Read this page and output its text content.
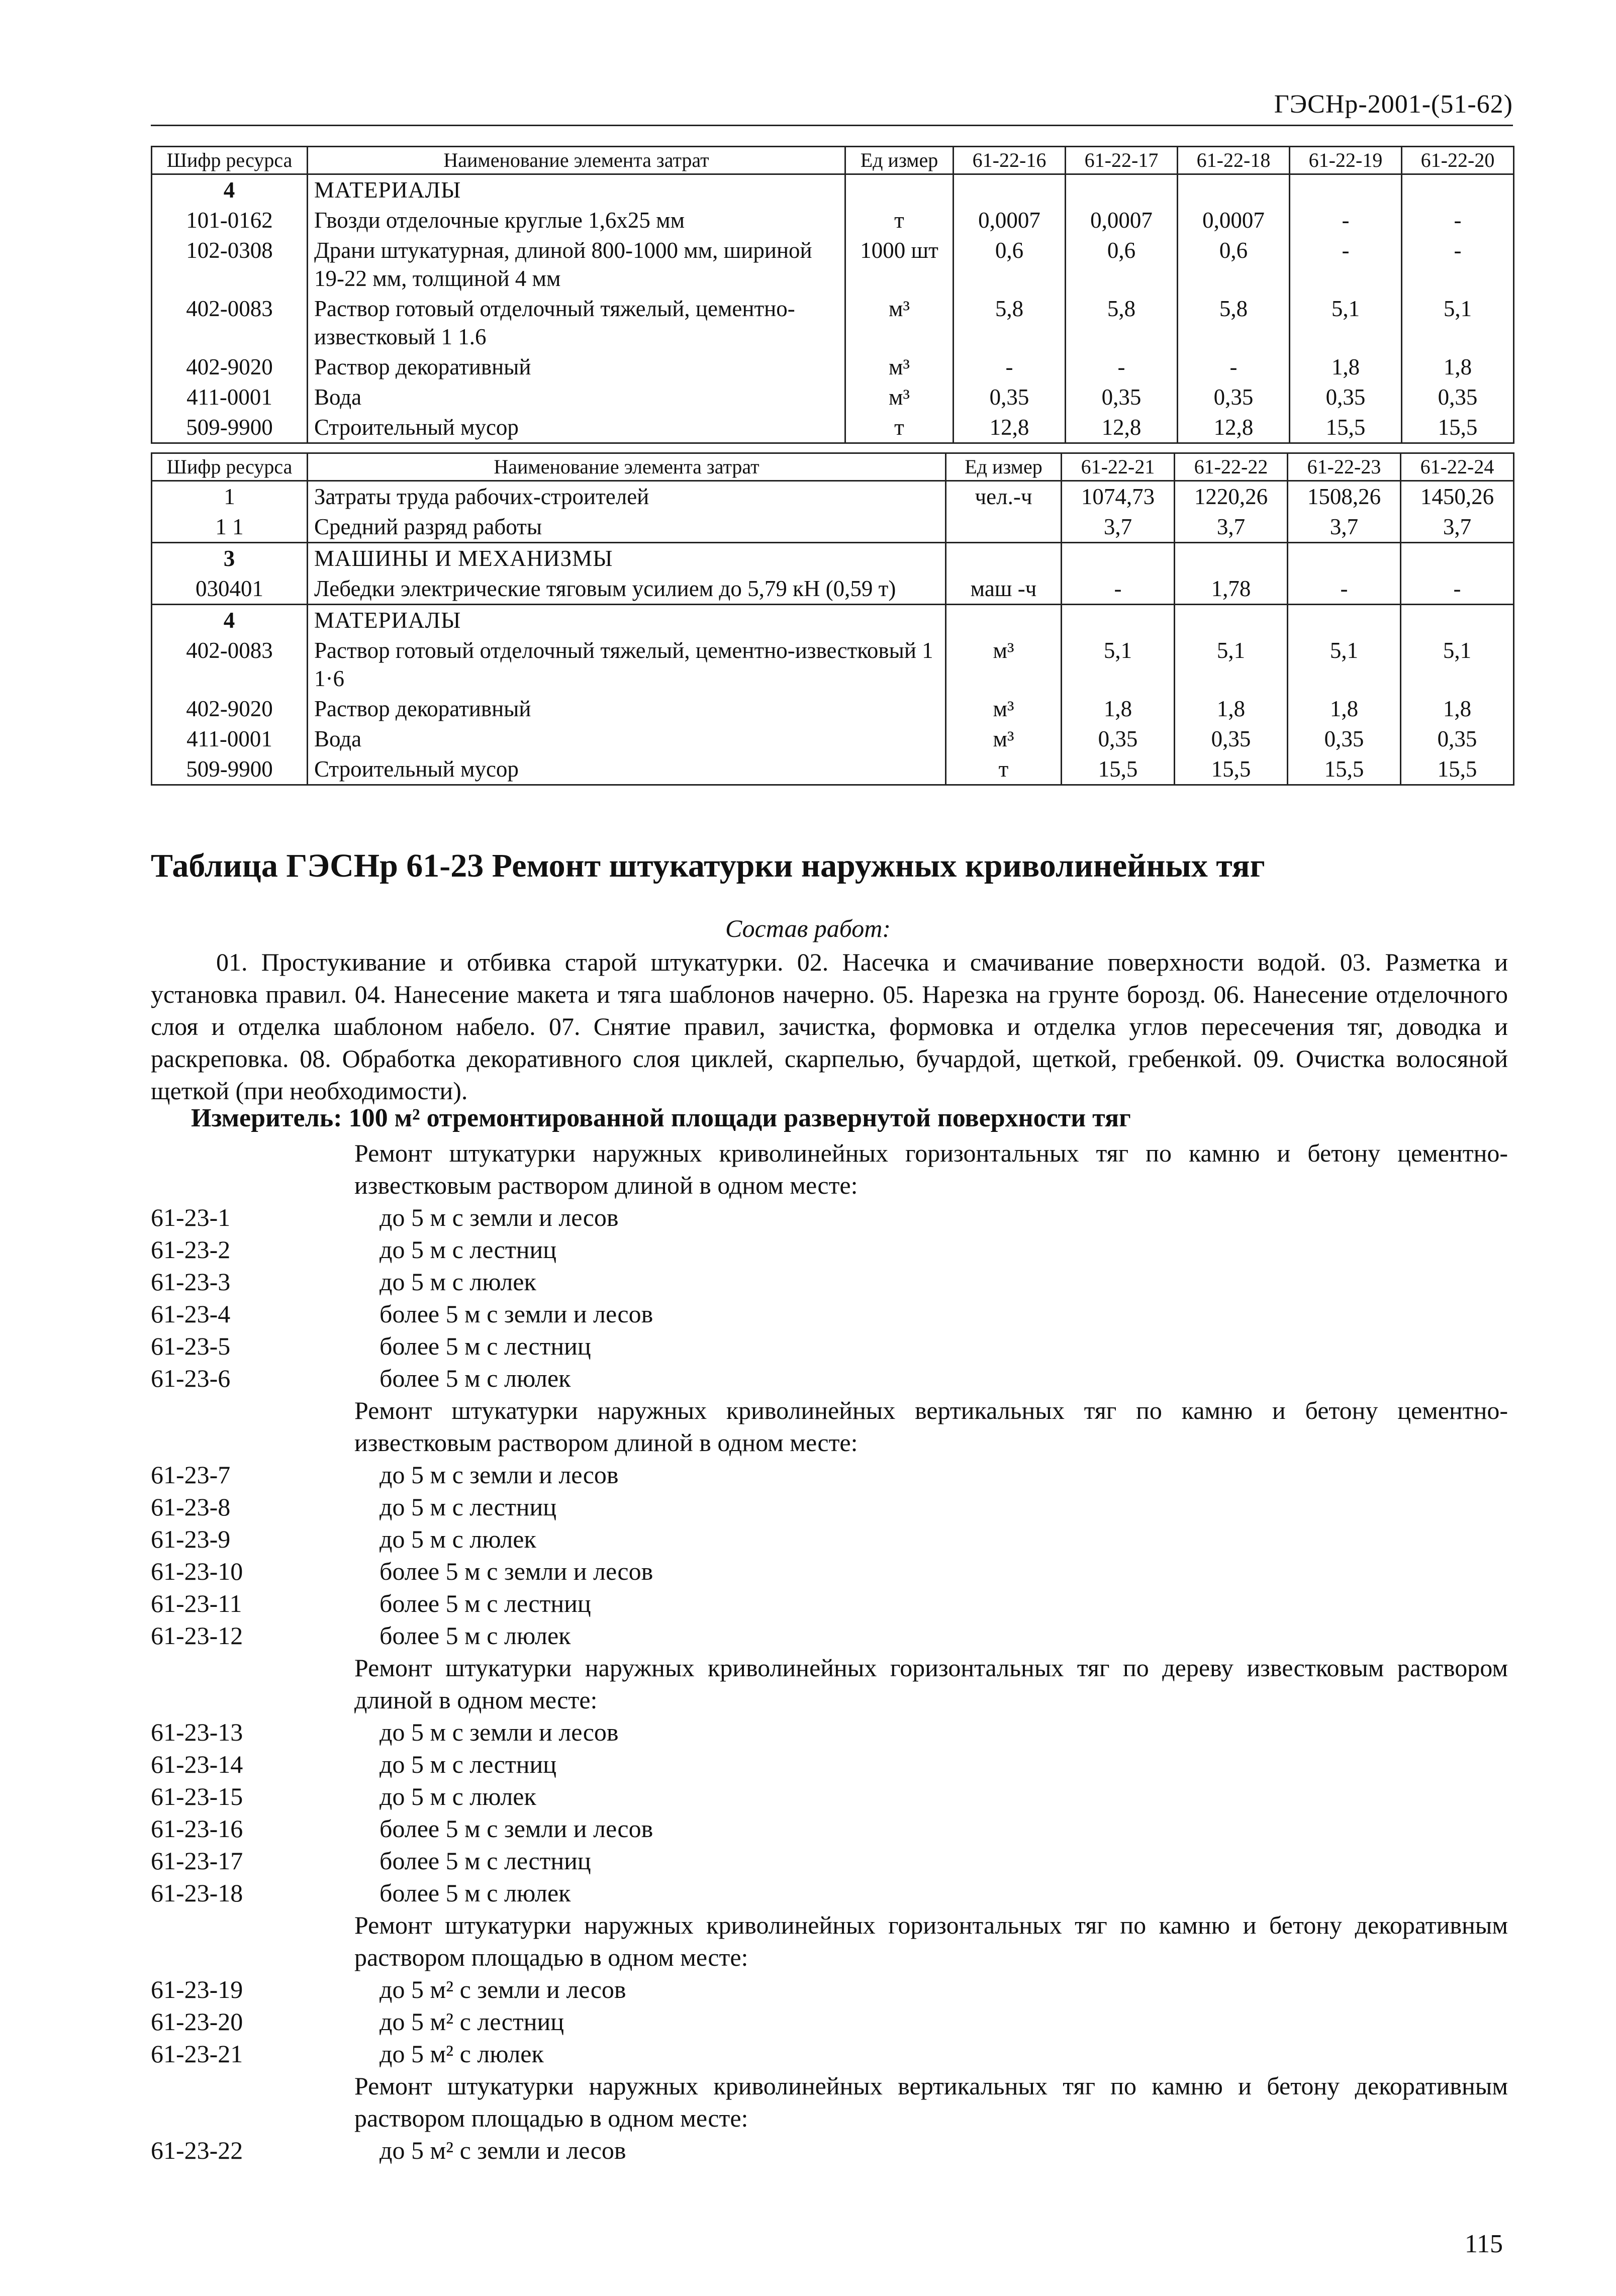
ГЭСНр-2001-(51-62)
Шифр ресурса	Наименование элемента затрат	Ед измер	61-22-16	61-22-17	61-22-18	61-22-19	61-22-20
4	МАТЕРИАЛЫ						
101-0162	Гвозди отделочные круглые 1,6x25 мм	т	0,0007	0,0007	0,0007	-	-
102-0308	Драни штукатурная, длиной 800-1000 мм, шириной 19-22 мм, толщиной 4 мм	1000 шт	0,6	0,6	0,6	-	-
402-0083	Раствор готовый отделочный тяжелый, цементно-известковый 1 1.6	м³	5,8	5,8	5,8	5,1	5,1
402-9020	Раствор декоративный	м³	-	-	-	1,8	1,8
411-0001	Вода	м³	0,35	0,35	0,35	0,35	0,35
509-9900	Строительный мусор	т	12,8	12,8	12,8	15,5	15,5
Шифр ресурса	Наименование элемента затрат	Ед измер	61-22-21	61-22-22	61-22-23	61-22-24
1	Затраты труда рабочих-строителей	чел.-ч	1074,73	1220,26	1508,26	1450,26
1 1	Средний разряд работы		3,7	3,7	3,7	3,7
3	МАШИНЫ И МЕХАНИЗМЫ					
030401	Лебедки электрические тяговым усилием до 5,79 кН (0,59 т)	маш -ч	-	1,78	-	-
4	МАТЕРИАЛЫ					
402-0083	Раствор готовый отделочный тяжелый, цементно-известковый 1 1·6	м³	5,1	5,1	5,1	5,1
402-9020	Раствор декоративный	м³	1,8	1,8	1,8	1,8
411-0001	Вода	м³	0,35	0,35	0,35	0,35
509-9900	Строительный мусор	т	15,5	15,5	15,5	15,5
Таблица ГЭСНр 61-23 Ремонт штукатурки наружных криволинейных тяг
Состав работ:

01. Простукивание и отбивка старой штукатурки. 02. Насечка и смачивание поверхности водой. 03. Разметка и установка правил. 04. Нанесение макета и тяга шаблонов начерно. 05. Нарезка на грунте борозд. 06. Нанесение отделочного слоя и отделка шаблоном набело. 07. Снятие правил, зачистка, формовка и отделка углов пересечения тяг, доводка и раскреповка. 08. Обработка декоративного слоя циклей, скарпелью, бучардой, щеткой, гребенкой. 09. Очистка волосяной щеткой (при необходимости).

Измеритель: 100 м² отремонтированной площади развернутой поверхности тяг
Ремонт штукатурки наружных криволинейных горизонтальных тяг по камню и бетону цементно-известковым раствором длиной в одном месте:
61-23-1	до 5 м с земли и лесов
61-23-2	до 5 м с лестниц
61-23-3	до 5 м с люлек
61-23-4	более 5 м с земли и лесов
61-23-5	более 5 м с лестниц
61-23-6	более 5 м с люлек
Ремонт штукатурки наружных криволинейных вертикальных тяг по камню и бетону цементно-известковым раствором длиной в одном месте:
61-23-7	до 5 м с земли и лесов
61-23-8	до 5 м с лестниц
61-23-9	до 5 м с люлек
61-23-10	более 5 м с земли и лесов
61-23-11	более 5 м с лестниц
61-23-12	более 5 м с люлек
Ремонт штукатурки наружных криволинейных горизонтальных тяг по дереву известковым раствором длиной в одном месте:
61-23-13	до 5 м с земли и лесов
61-23-14	до 5 м с лестниц
61-23-15	до 5 м с люлек
61-23-16	более 5 м с земли и лесов
61-23-17	более 5 м с лестниц
61-23-18	более 5 м с люлек
Ремонт штукатурки наружных криволинейных горизонтальных тяг по камню и бетону декоративным раствором площадью в одном месте:
61-23-19	до 5 м² с земли и лесов
61-23-20	до 5 м² с лестниц
61-23-21	до 5 м² с люлек
Ремонт штукатурки наружных криволинейных вертикальных тяг по камню и бетону декоративным раствором площадью в одном месте:
61-23-22	до 5 м² с земли и лесов
115
